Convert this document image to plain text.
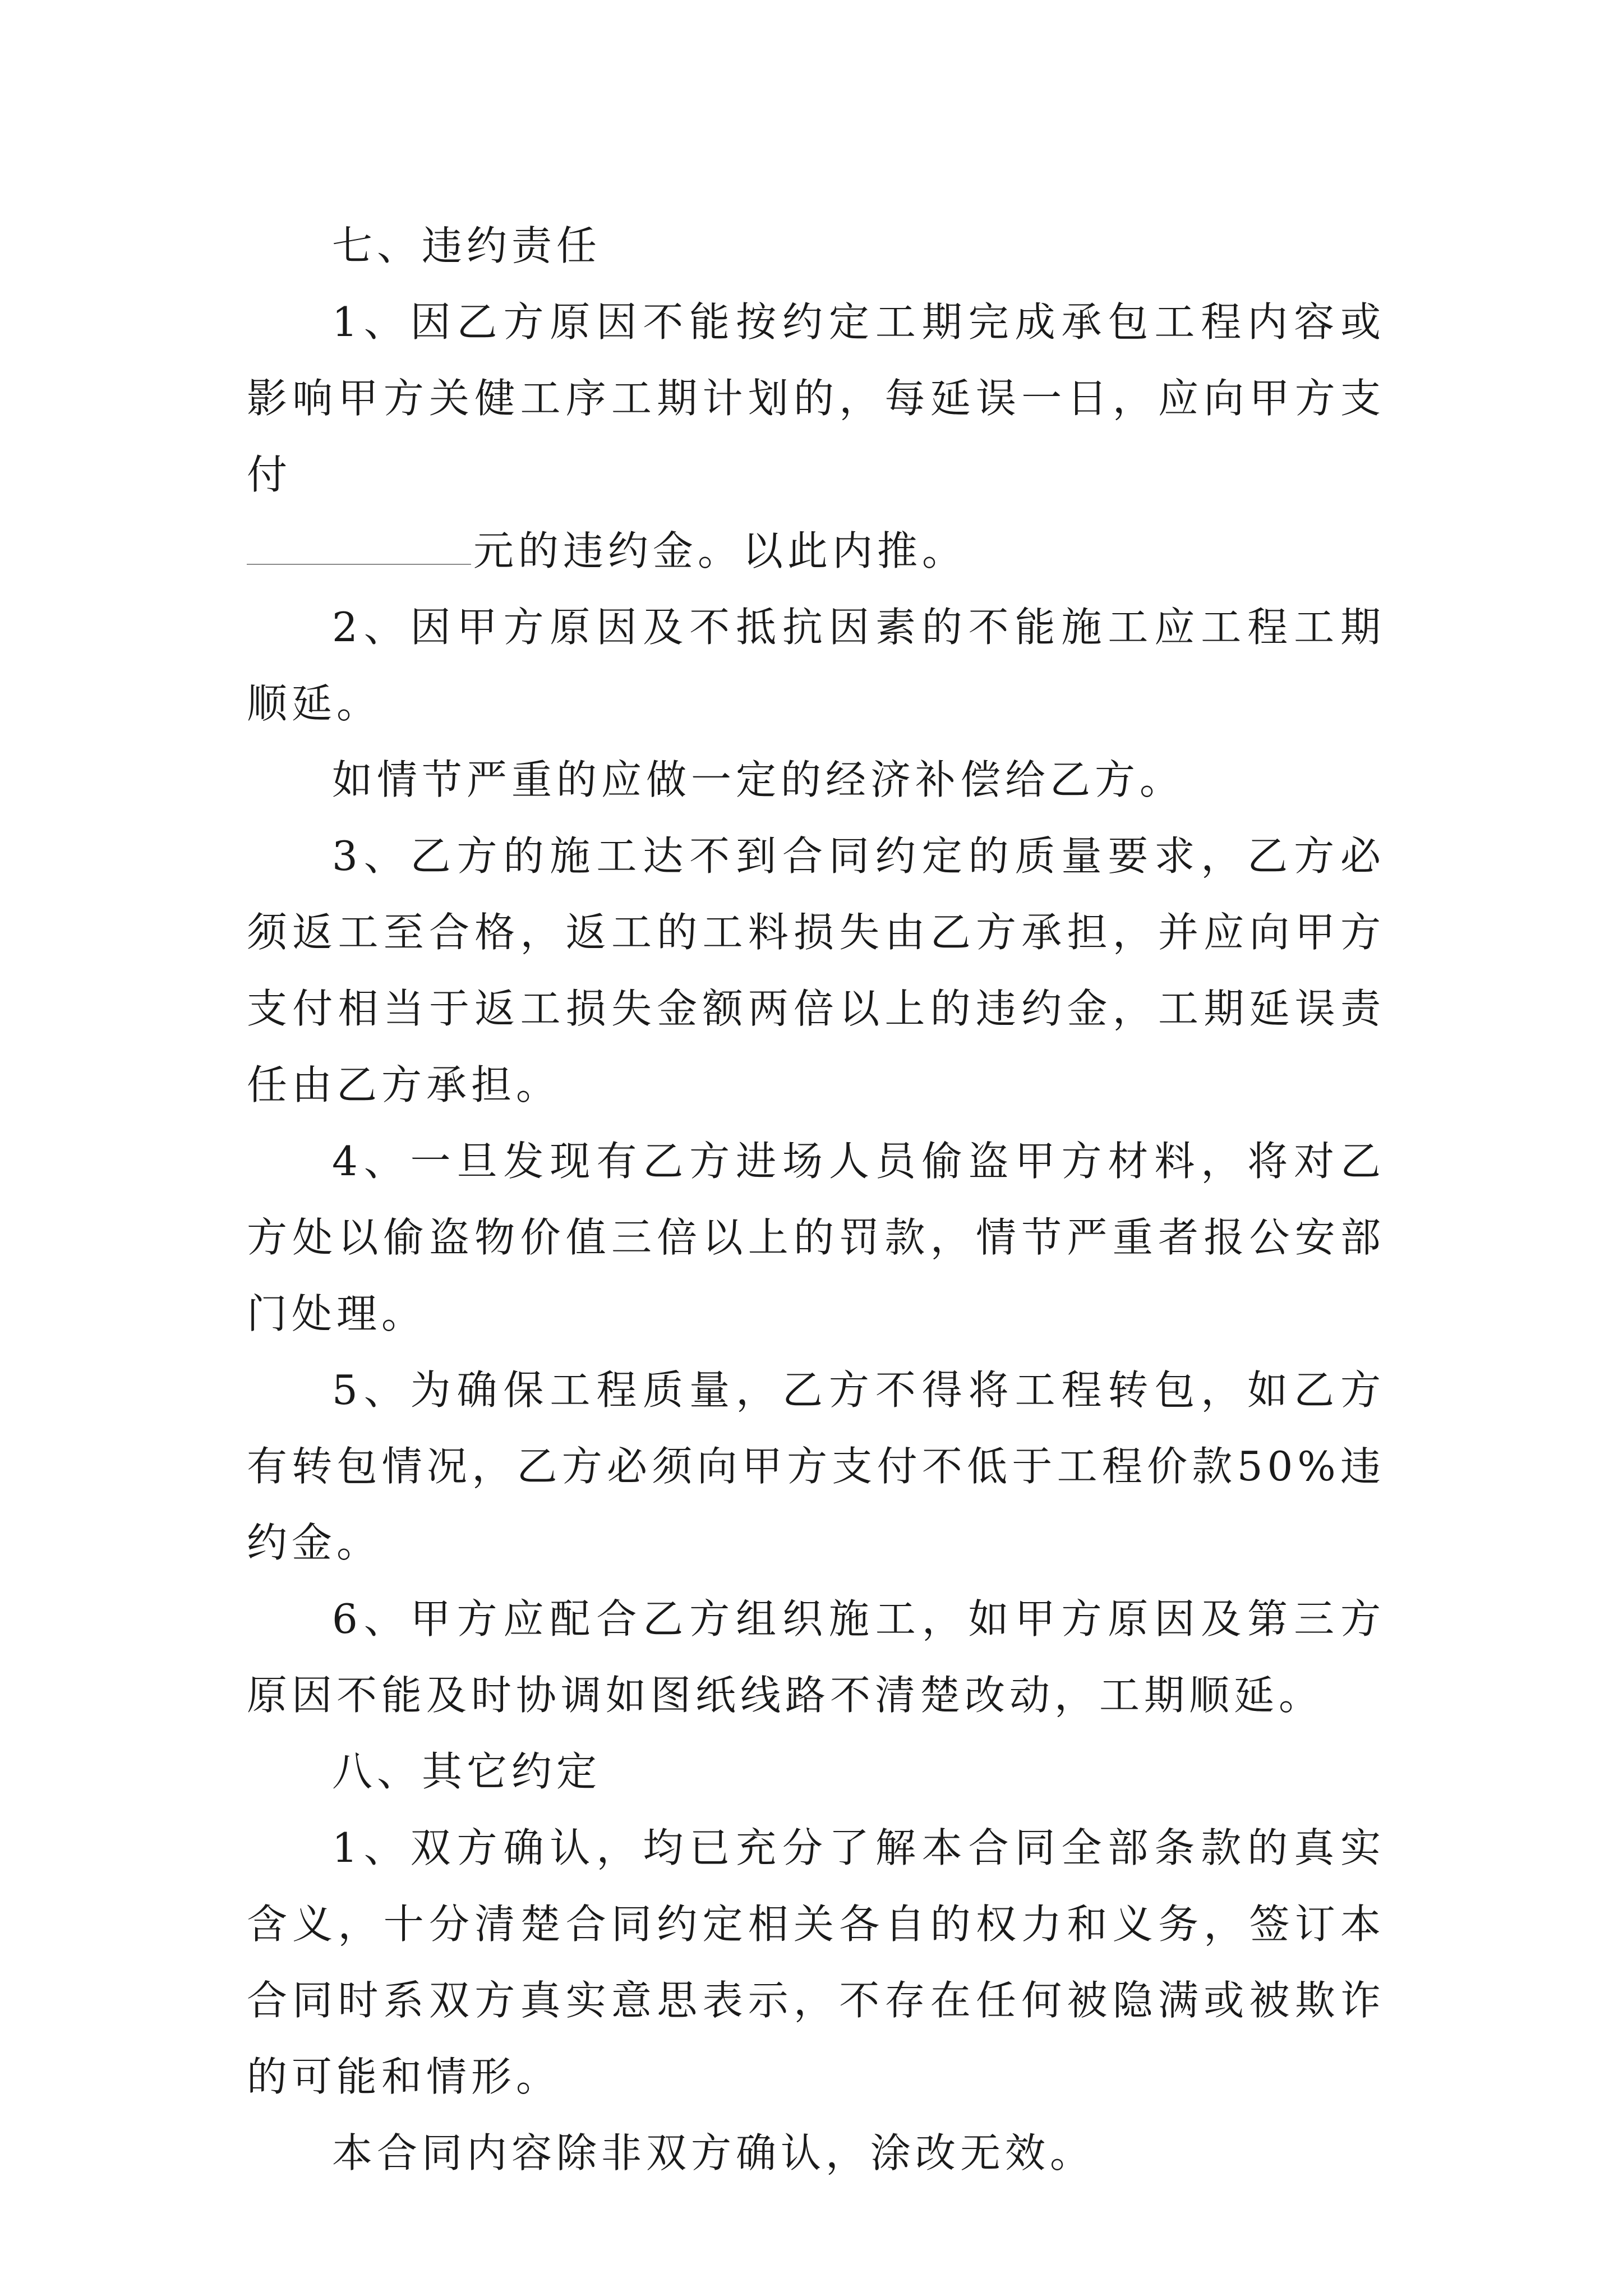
七、违约责任

1、因乙方原因不能按约定工期完成承包工程内容或影响甲方关健工序工期计划的，每延误一日，应向甲方支付

元的违约金。以此内推。

2、因甲方原因及不抵抗因素的不能施工应工程工期顺延。

如情节严重的应做一定的经济补偿给乙方。

3、乙方的施工达不到合同约定的质量要求，乙方必须返工至合格，返工的工料损失由乙方承担，并应向甲方支付相当于返工损失金额两倍以上的违约金，工期延误责任由乙方承担。

4、一旦发现有乙方进场人员偷盗甲方材料，将对乙方处以偷盗物价值三倍以上的罚款，情节严重者报公安部门处理。

5、为确保工程质量，乙方不得将工程转包，如乙方有转包情况，乙方必须向甲方支付不低于工程价款50%违约金。

6、甲方应配合乙方组织施工，如甲方原因及第三方原因不能及时协调如图纸线路不清楚改动，工期顺延。

八、其它约定

1、双方确认，均已充分了解本合同全部条款的真实含义，十分清楚合同约定相关各自的权力和义务，签订本合同时系双方真实意思表示，不存在任何被隐满或被欺诈的可能和情形。

本合同内容除非双方确认，涂改无效。
